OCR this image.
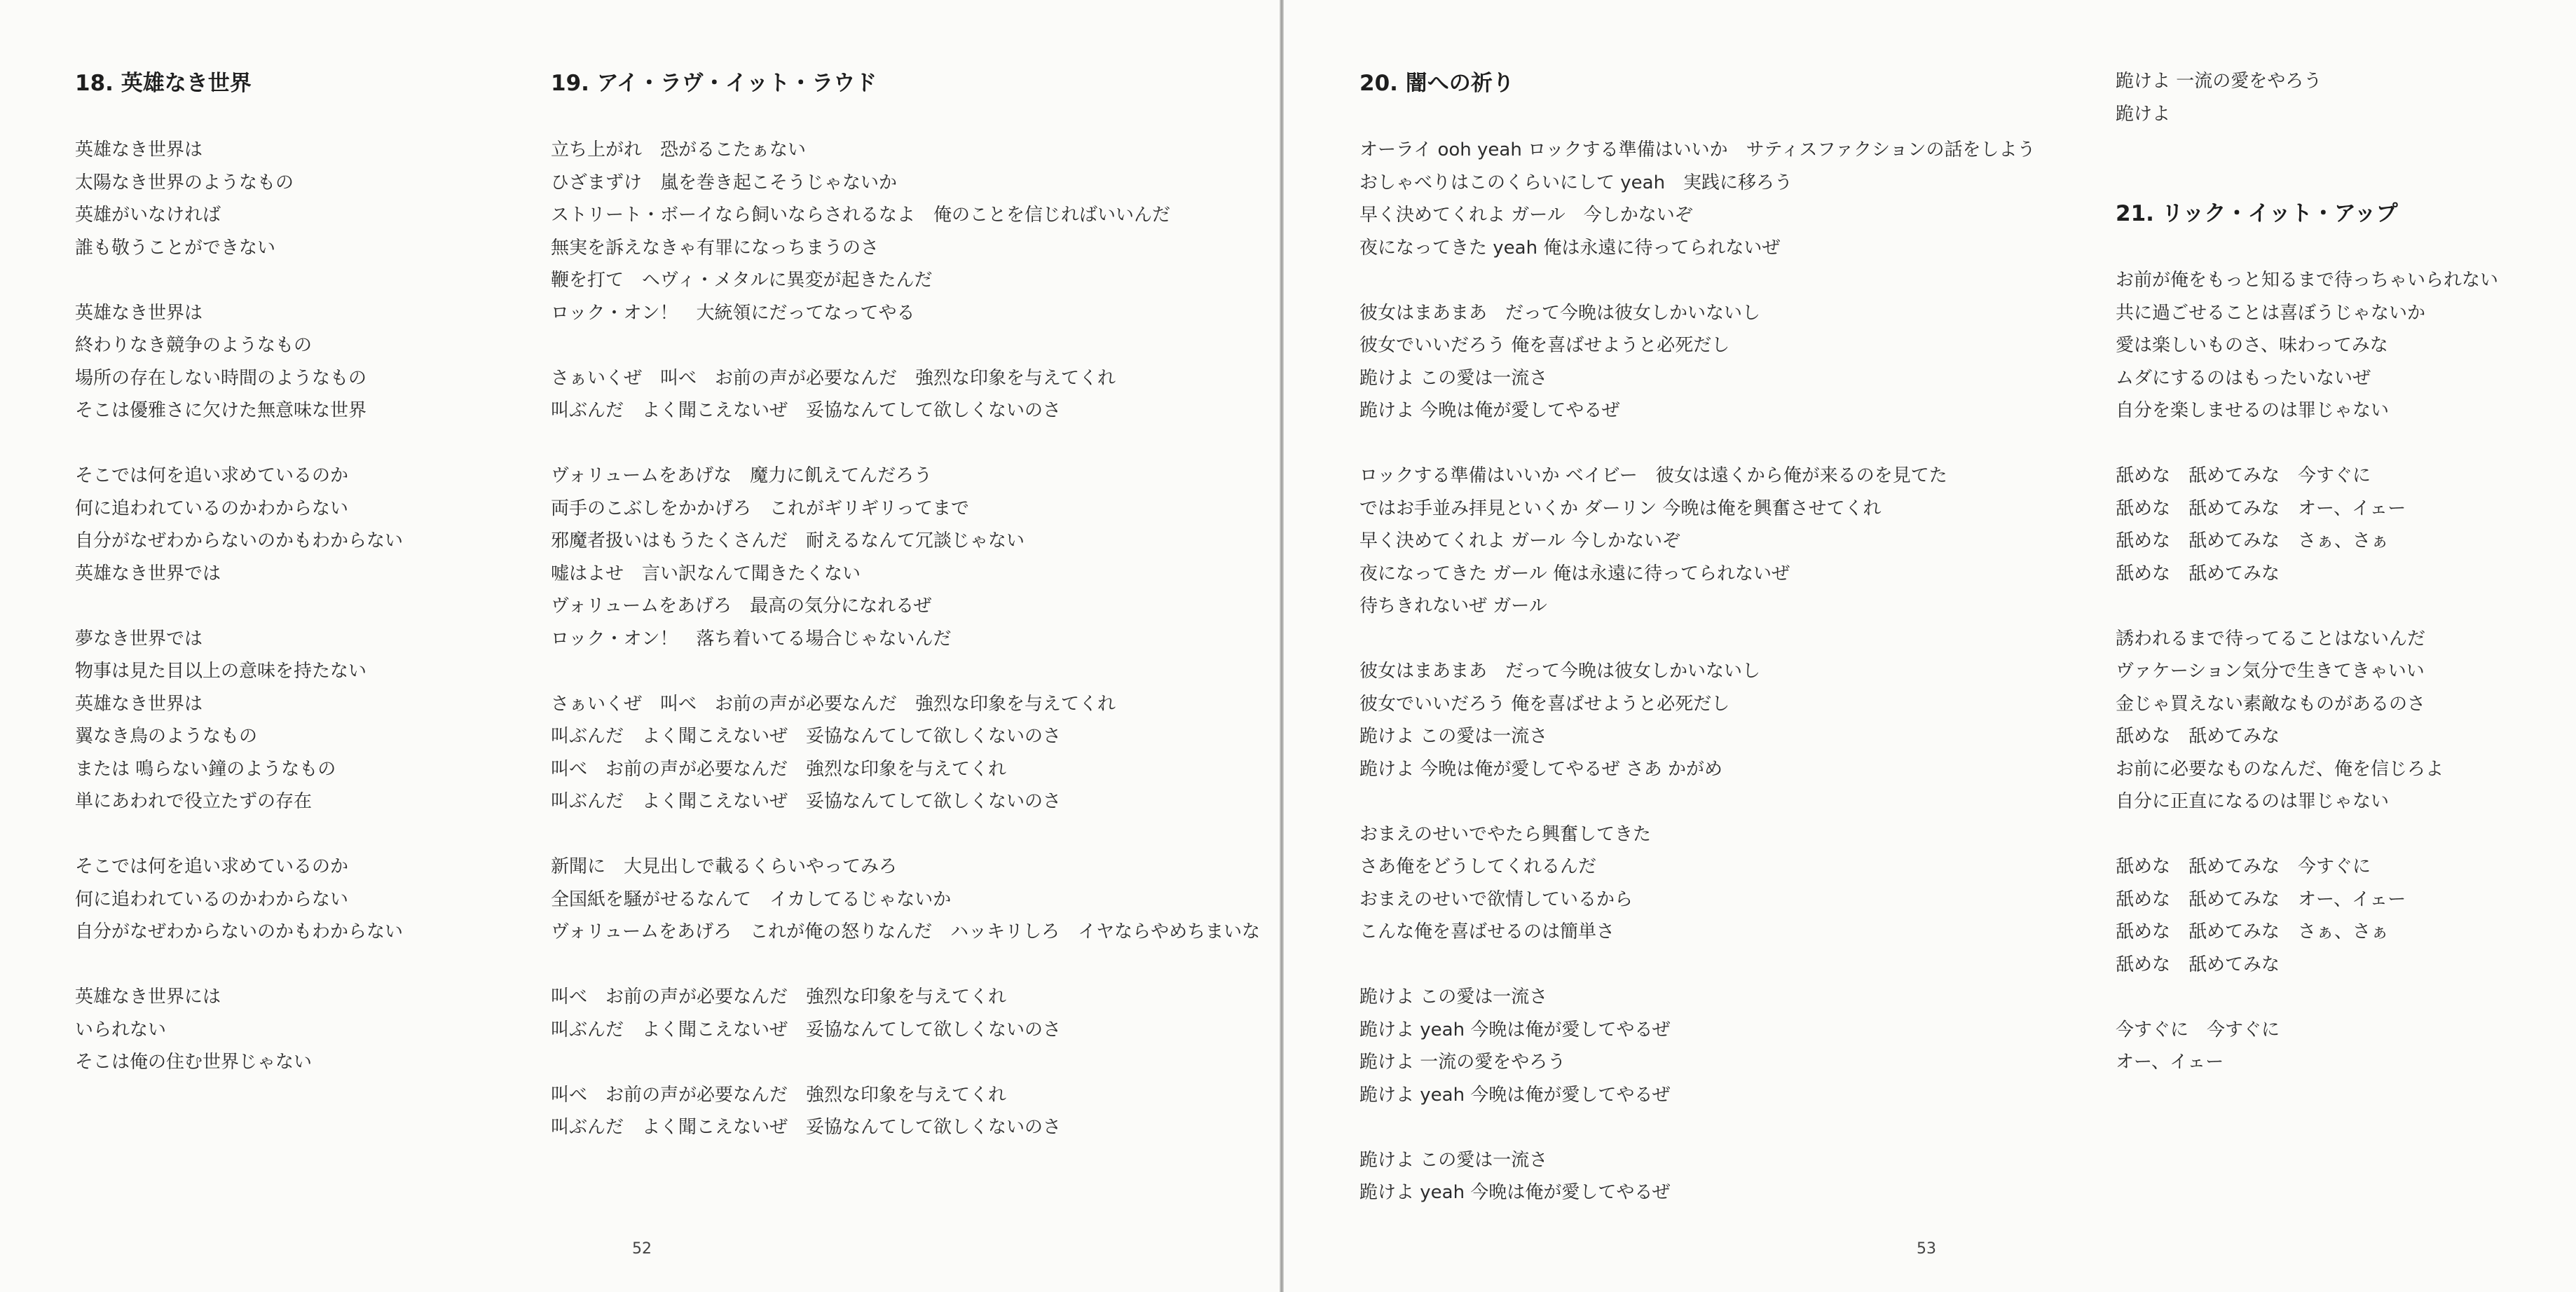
18. 英雄なき世界
英雄なき世界は
太陽なき世界のようなもの
英雄がいなければ
誰も敬うことができない
英雄なき世界は
終わりなき競争のようなもの
場所の存在しない時間のようなもの
そこは優雅さに欠けた無意味な世界
そこでは何を追い求めているのか
何に追われているのかわからない
自分がなぜわからないのかもわからない
英雄なき世界では
夢なき世界では
物事は見た目以上の意味を持たない
英雄なき世界は
翼なき鳥のようなもの
または 鳴らない鐘のようなもの
単にあわれで役立たずの存在
そこでは何を追い求めているのか
何に追われているのかわからない
自分がなぜわからないのかもわからない
英雄なき世界には
いられない
そこは俺の住む世界じゃない
19. アイ・ラヴ・イット・ラウド
立ち上がれ　恐がるこたぁない
ひざまずけ　嵐を巻き起こそうじゃないか
ストリート・ボーイなら飼いならされるなよ　俺のことを信じればいいんだ
無実を訴えなきゃ有罪になっちまうのさ
鞭を打て　ヘヴィ・メタルに異変が起きたんだ
ロック・オン！　大統領にだってなってやる
さぁいくぜ　叫べ　お前の声が必要なんだ　強烈な印象を与えてくれ
叫ぶんだ　よく聞こえないぜ　妥協なんてして欲しくないのさ
ヴォリュームをあげな　魔力に飢えてんだろう
両手のこぶしをかかげろ　これがギリギリってまで
邪魔者扱いはもうたくさんだ　耐えるなんて冗談じゃない
嘘はよせ　言い訳なんて聞きたくない
ヴォリュームをあげろ　最高の気分になれるぜ
ロック・オン！　落ち着いてる場合じゃないんだ
さぁいくぜ　叫べ　お前の声が必要なんだ　強烈な印象を与えてくれ
叫ぶんだ　よく聞こえないぜ　妥協なんてして欲しくないのさ
叫べ　お前の声が必要なんだ　強烈な印象を与えてくれ
叫ぶんだ　よく聞こえないぜ　妥協なんてして欲しくないのさ
新聞に　大見出しで載るくらいやってみろ
全国紙を騒がせるなんて　イカしてるじゃないか
ヴォリュームをあげろ　これが俺の怒りなんだ　ハッキリしろ　イヤならやめちまいな
叫べ　お前の声が必要なんだ　強烈な印象を与えてくれ
叫ぶんだ　よく聞こえないぜ　妥協なんてして欲しくないのさ
叫べ　お前の声が必要なんだ　強烈な印象を与えてくれ
叫ぶんだ　よく聞こえないぜ　妥協なんてして欲しくないのさ
52
20. 闇への祈り
オーライ ooh yeah ロックする準備はいいか　サティスファクションの話をしよう
おしゃべりはこのくらいにして yeah　実践に移ろう
早く決めてくれよ ガール　今しかないぞ
夜になってきた yeah 俺は永遠に待ってられないぜ
彼女はまあまあ　だって今晩は彼女しかいないし
彼女でいいだろう 俺を喜ばせようと必死だし
跪けよ この愛は一流さ
跪けよ 今晩は俺が愛してやるぜ
ロックする準備はいいか ベイビー　彼女は遠くから俺が来るのを見てた
ではお手並み拝見といくか ダーリン 今晩は俺を興奮させてくれ
早く決めてくれよ ガール 今しかないぞ
夜になってきた ガール 俺は永遠に待ってられないぜ
待ちきれないぜ ガール
彼女はまあまあ　だって今晩は彼女しかいないし
彼女でいいだろう 俺を喜ばせようと必死だし
跪けよ この愛は一流さ
跪けよ 今晩は俺が愛してやるぜ さあ かがめ
おまえのせいでやたら興奮してきた
さあ俺をどうしてくれるんだ
おまえのせいで欲情しているから
こんな俺を喜ばせるのは簡単さ
跪けよ この愛は一流さ
跪けよ yeah 今晩は俺が愛してやるぜ
跪けよ 一流の愛をやろう
跪けよ yeah 今晩は俺が愛してやるぜ
跪けよ この愛は一流さ
跪けよ yeah 今晩は俺が愛してやるぜ
跪けよ 一流の愛をやろう
跪けよ
21. リック・イット・アップ
お前が俺をもっと知るまで待っちゃいられない
共に過ごせることは喜ぼうじゃないか
愛は楽しいものさ、味わってみな
ムダにするのはもったいないぜ
自分を楽しませるのは罪じゃない
舐めな　舐めてみな　今すぐに
舐めな　舐めてみな　オー、イェー
舐めな　舐めてみな　さぁ、さぁ
舐めな　舐めてみな
誘われるまで待ってることはないんだ
ヴァケーション気分で生きてきゃいい
金じゃ買えない素敵なものがあるのさ
舐めな　舐めてみな
お前に必要なものなんだ、俺を信じろよ
自分に正直になるのは罪じゃない
舐めな　舐めてみな　今すぐに
舐めな　舐めてみな　オー、イェー
舐めな　舐めてみな　さぁ、さぁ
舐めな　舐めてみな
今すぐに　今すぐに
オー、イェー
53
